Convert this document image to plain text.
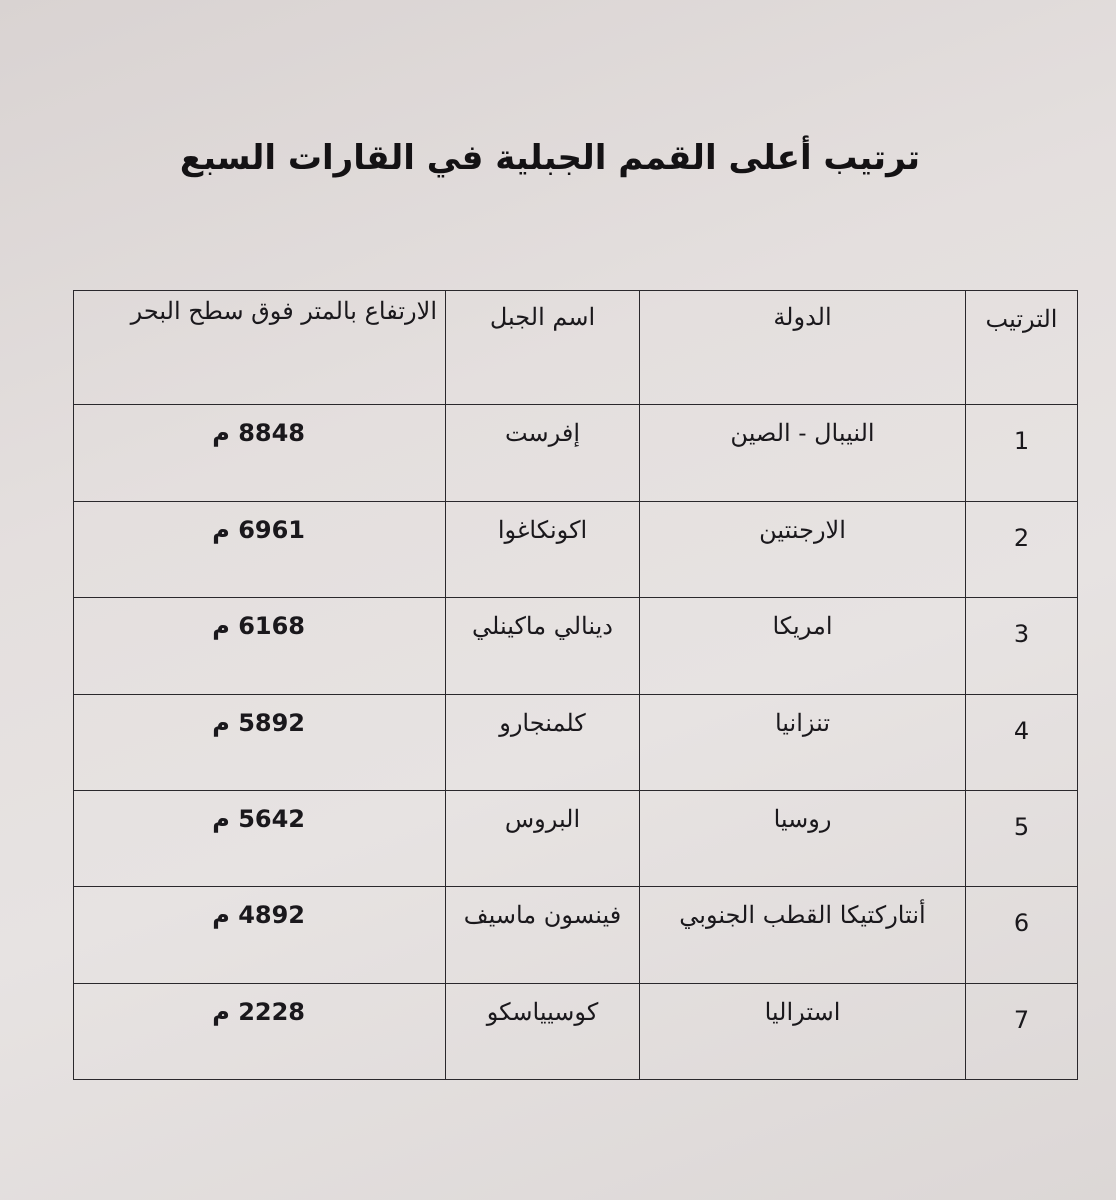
ترتيب أعلى القمم الجبلية في القارات السبع
الارتفاع بالمتر فوق سطح البحر	اسم الجبل	الدولة	الترتيب

8848 م	إفرست	النيبال - الصين	1

6961 م	اكونكاغوا	الارجنتين	2

6168 م	دينالي ماكينلي	امريكا	3

5892 م	كلمنجارو	تنزانيا	4

5642 م	البروس	روسيا	5

4892 م	فينسون ماسيف	أنتاركتيكا القطب الجنوبي	6

2228 م	كوسيياسكو	استراليا	7
